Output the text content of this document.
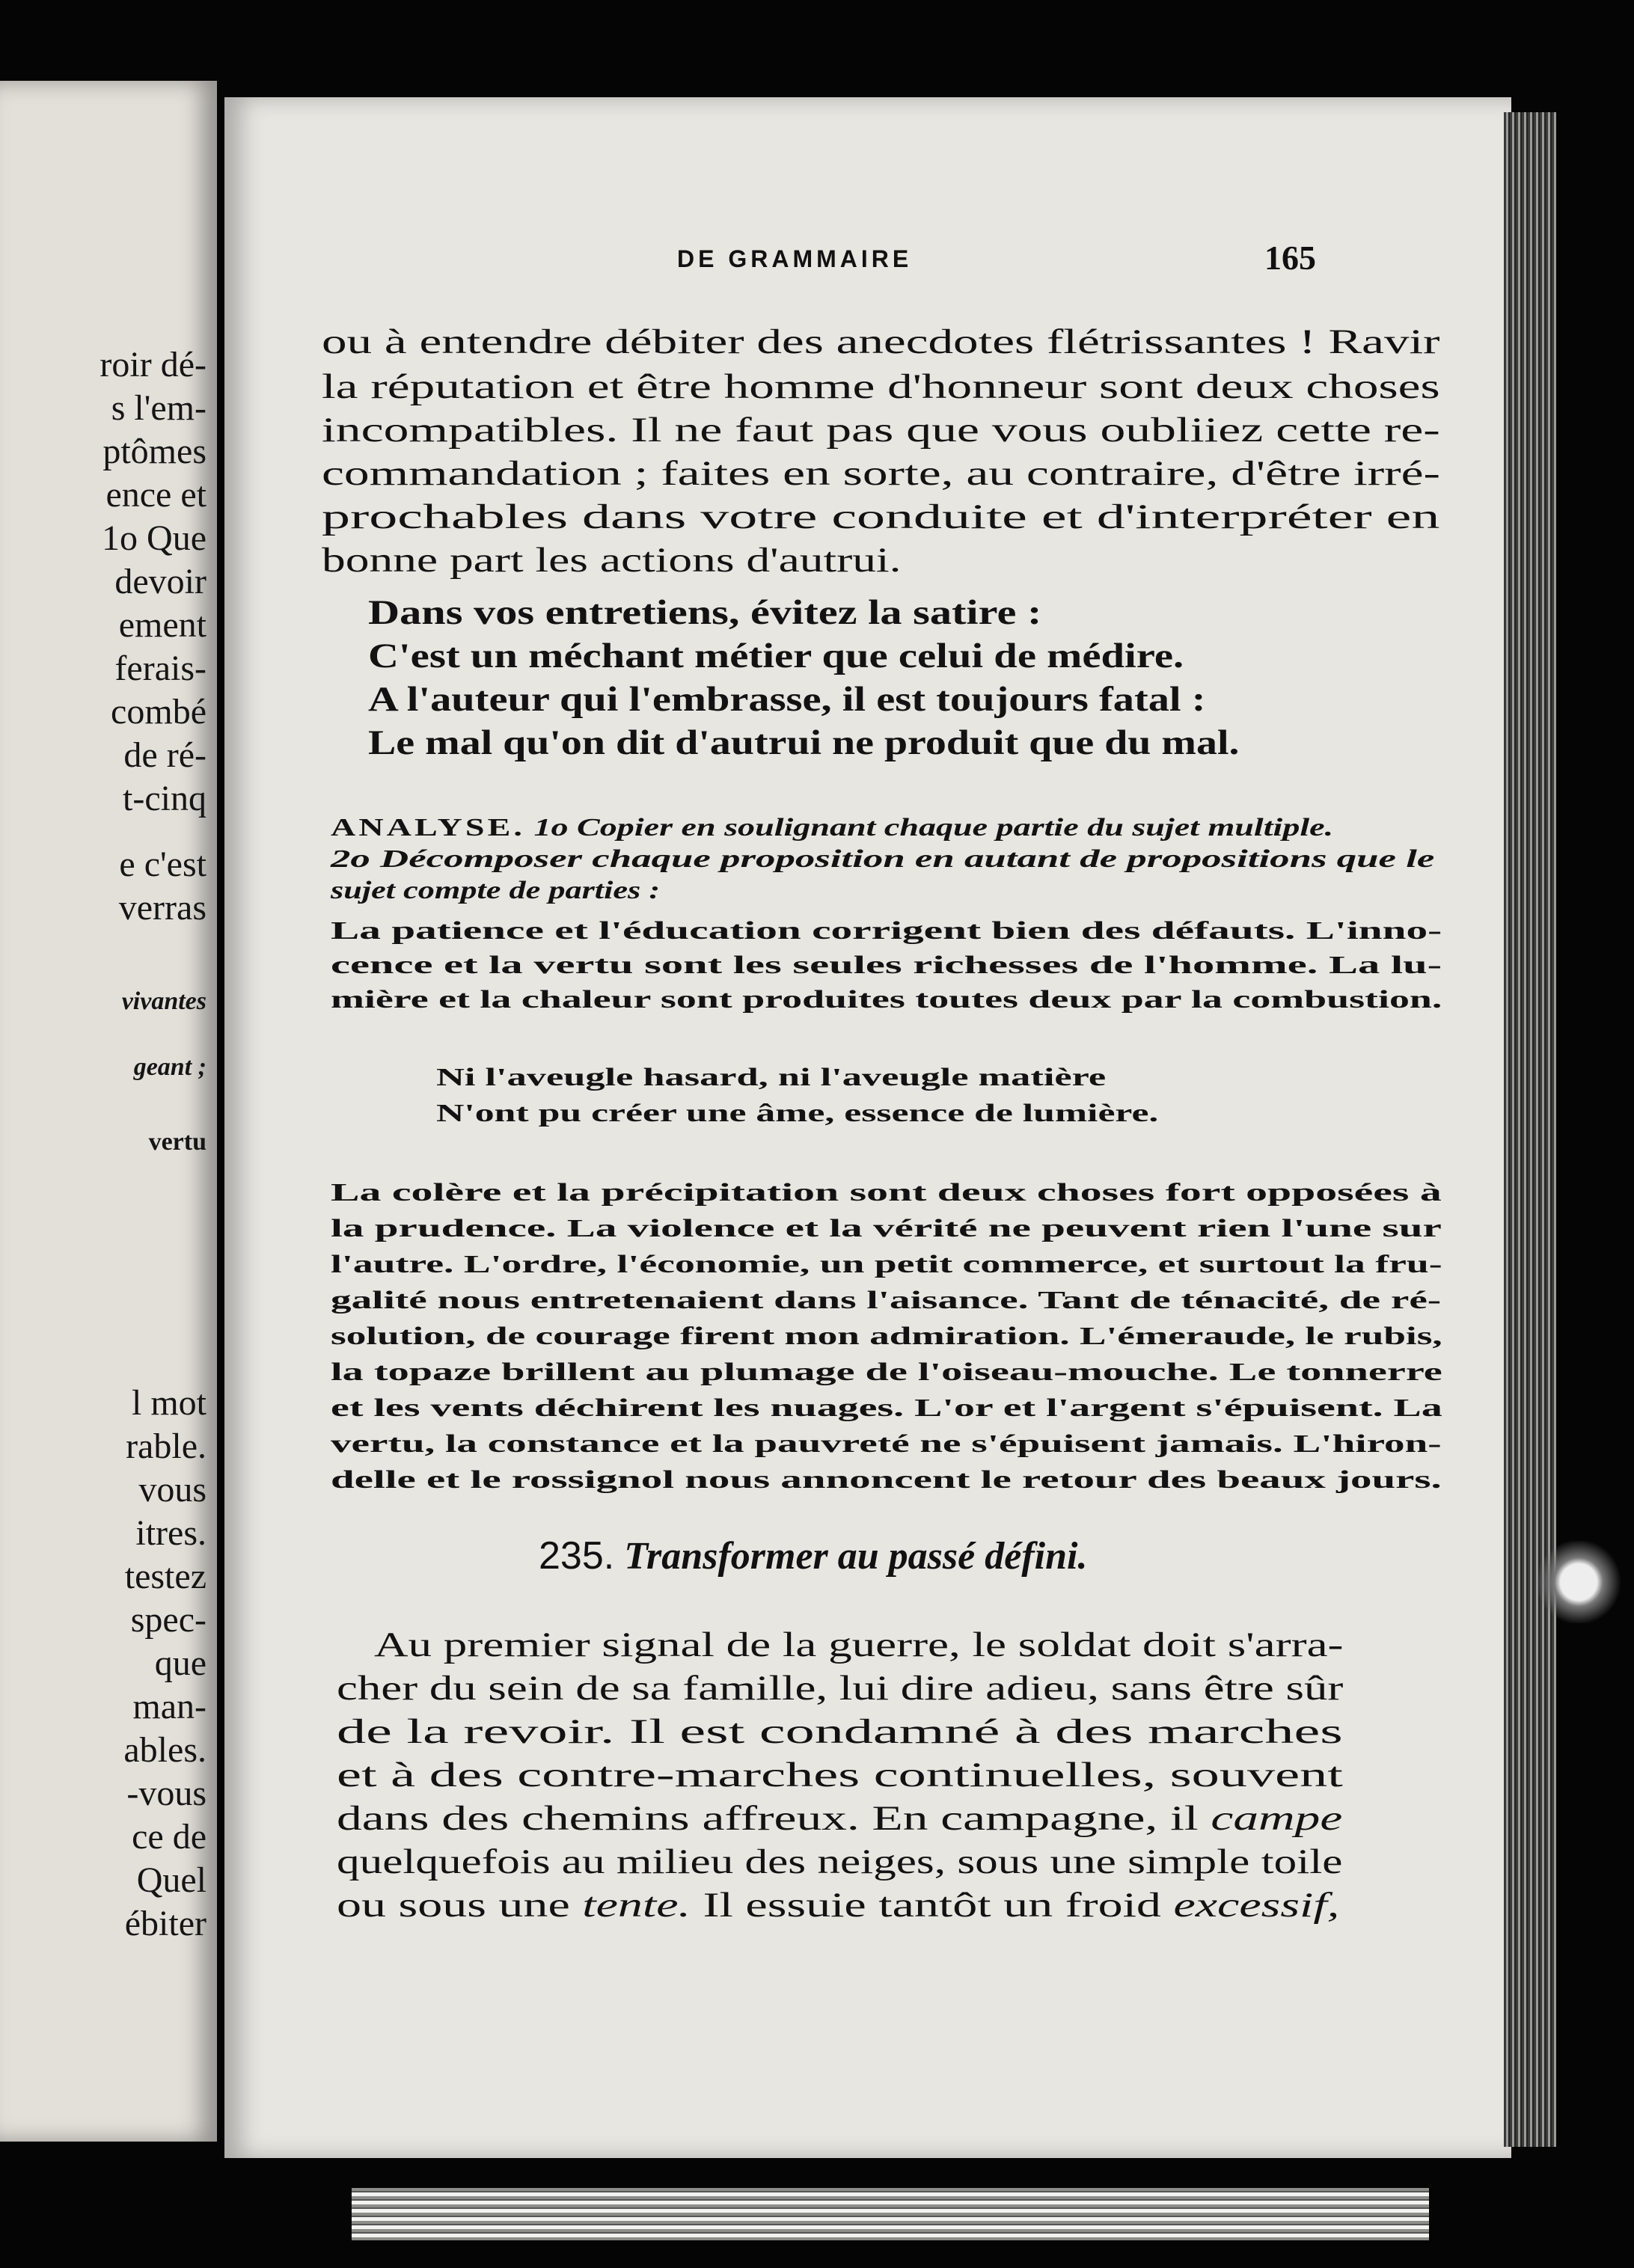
roir dé-
s l'em-
ptômes
ence et
1o Que
devoir
ement
ferais-
combé
de ré-
t-cinq
e c'est
verras
vivantes
geant ;
vertu
l mot
rable.
vous
itres.
testez
spec-
que
man-
ables.
-vous
ce de
Quel
ébiter
DE GRAMMAIRE	165
ou à entendre débiter des anecdotes flétrissantes ! Ravir
la réputation et être homme d'honneur sont deux choses
incompatibles. Il ne faut pas que vous oubliiez cette re-
commandation ; faites en sorte, au contraire, d'être irré-
prochables dans votre conduite et d'interpréter en
bonne part les actions d'autrui.
Dans vos entretiens, évitez la satire :
C'est un méchant métier que celui de médire.
A l'auteur qui l'embrasse, il est toujours fatal :
Le mal qu'on dit d'autrui ne produit que du mal.
ANALYSE. 1o Copier en soulignant chaque partie du sujet multiple.
2o Décomposer chaque proposition en autant de propositions que le
sujet compte de parties :
La patience et l'éducation corrigent bien des défauts. L'inno-
cence et la vertu sont les seules richesses de l'homme. La lu-
mière et la chaleur sont produites toutes deux par la combustion.
Ni l'aveugle hasard, ni l'aveugle matière
N'ont pu créer une âme, essence de lumière.
La colère et la précipitation sont deux choses fort opposées à
la prudence. La violence et la vérité ne peuvent rien l'une sur
l'autre. L'ordre, l'économie, un petit commerce, et surtout la fru-
galité nous entretenaient dans l'aisance. Tant de ténacité, de ré-
solution, de courage firent mon admiration. L'émeraude, le rubis,
la topaze brillent au plumage de l'oiseau-mouche. Le tonnerre
et les vents déchirent les nuages. L'or et l'argent s'épuisent. La
vertu, la constance et la pauvreté ne s'épuisent jamais. L'hiron-
delle et le rossignol nous annoncent le retour des beaux jours.
235. Transformer au passé défini.
Au premier signal de la guerre, le soldat doit s'arra-
cher du sein de sa famille, lui dire adieu, sans être sûr
de la revoir. Il est condamné à des marches
et à des contre-marches continuelles, souvent
dans des chemins affreux. En campagne, il campe
quelquefois au milieu des neiges, sous une simple toile
ou sous une tente. Il essuie tantôt un froid excessif,
